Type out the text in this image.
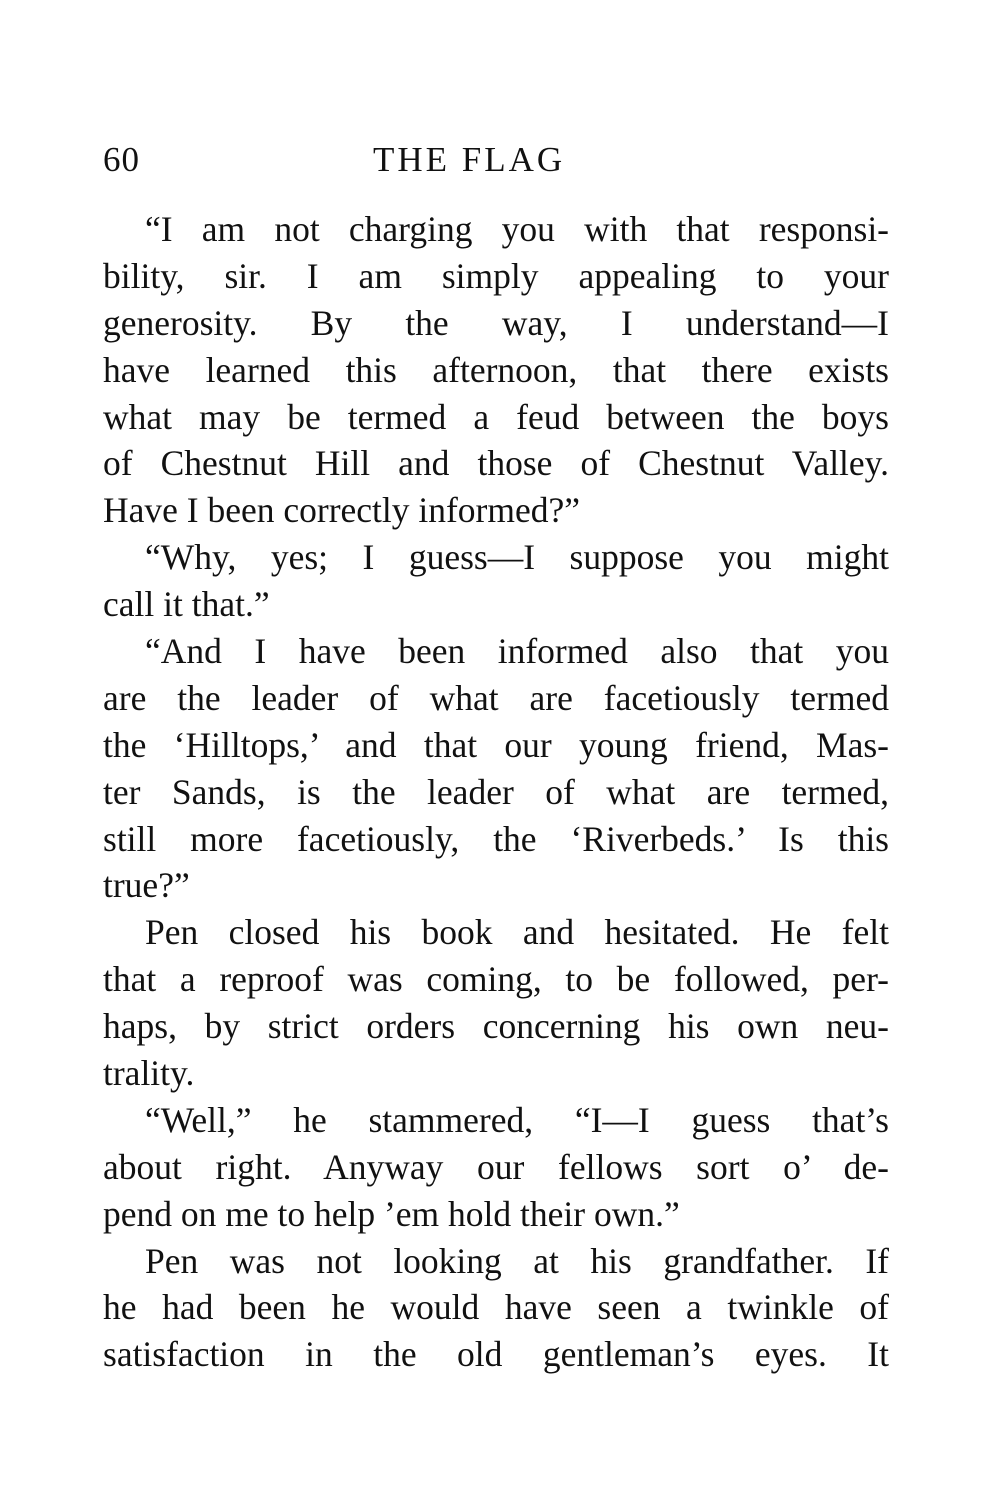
60	THE FLAG

“I am not charging you with that responsi-
bility, sir. I am simply appealing to your
generosity. By the way, I understand—I
have learned this afternoon, that there exists
what may be termed a feud between the boys
of Chestnut Hill and those of Chestnut Valley.
Have I been correctly informed?”

“Why, yes; I guess—I suppose you might
call it that.”

“And I have been informed also that you
are the leader of what are facetiously termed
the ‘Hilltops,’ and that our young friend, Mas-
ter Sands, is the leader of what are termed,
still more facetiously, the ‘Riverbeds.’ Is this
true?”

Pen closed his book and hesitated. He felt
that a reproof was coming, to be followed, per-
haps, by strict orders concerning his own neu-
trality.

“Well,” he stammered, “I—I guess that’s
about right. Anyway our fellows sort o’ de-
pend on me to help ’em hold their own.”

Pen was not looking at his grandfather. If
he had been he would have seen a twinkle of
satisfaction in the old gentleman’s eyes. It
